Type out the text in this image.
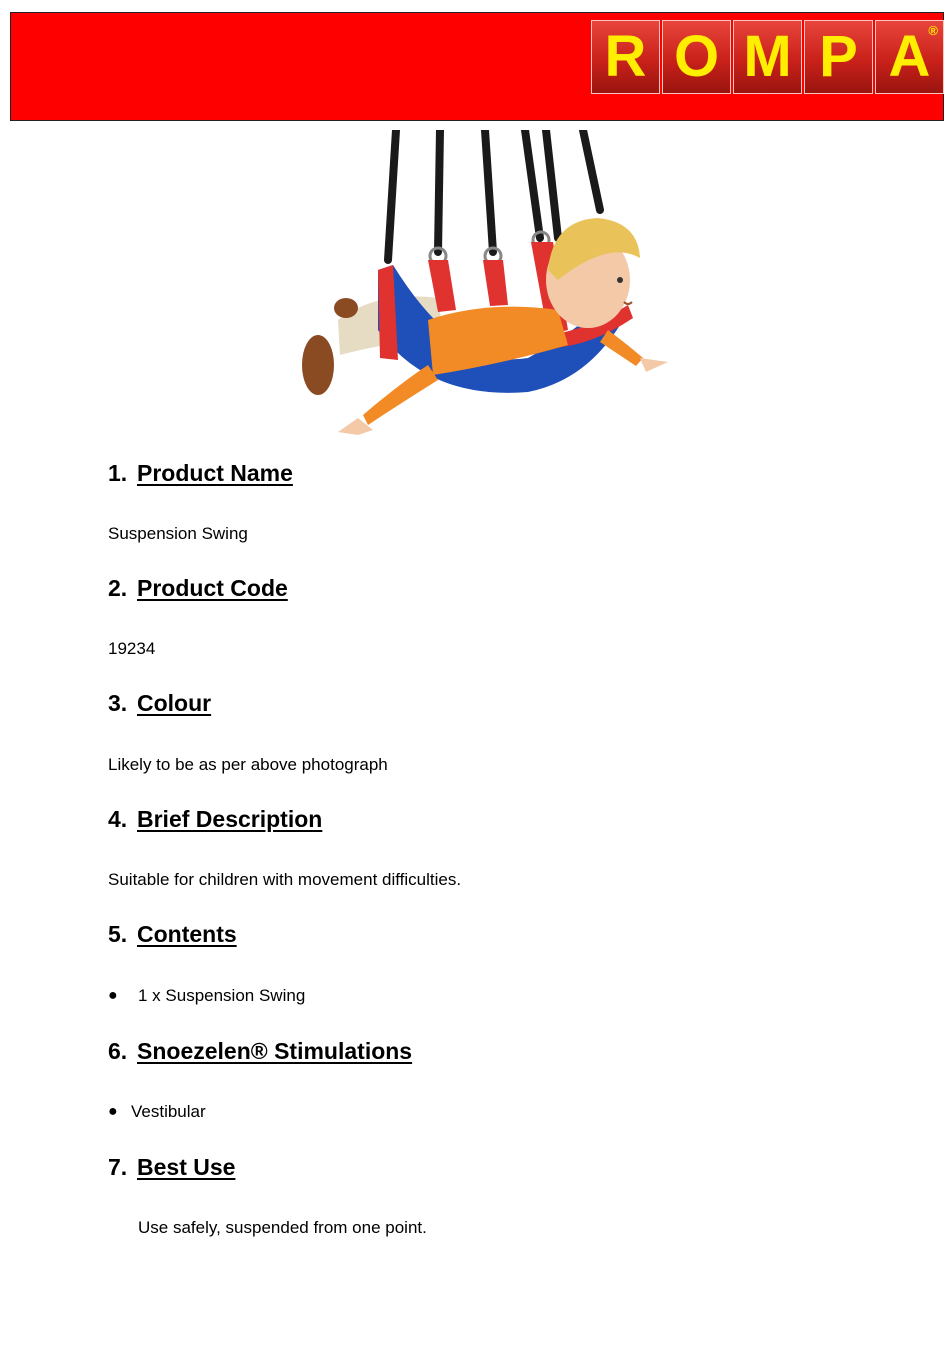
R O M P A
®
1. Product Name

Suspension Swing

2. Product Code

19234

3. Colour

Likely to be as per above photograph

4. Brief Description

Suitable for children with movement difficulties.

5. Contents
●	1 x Suspension Swing
6. Snoezelen® Stimulations
● Vestibular
7. Best Use

Use safely, suspended from one point.
